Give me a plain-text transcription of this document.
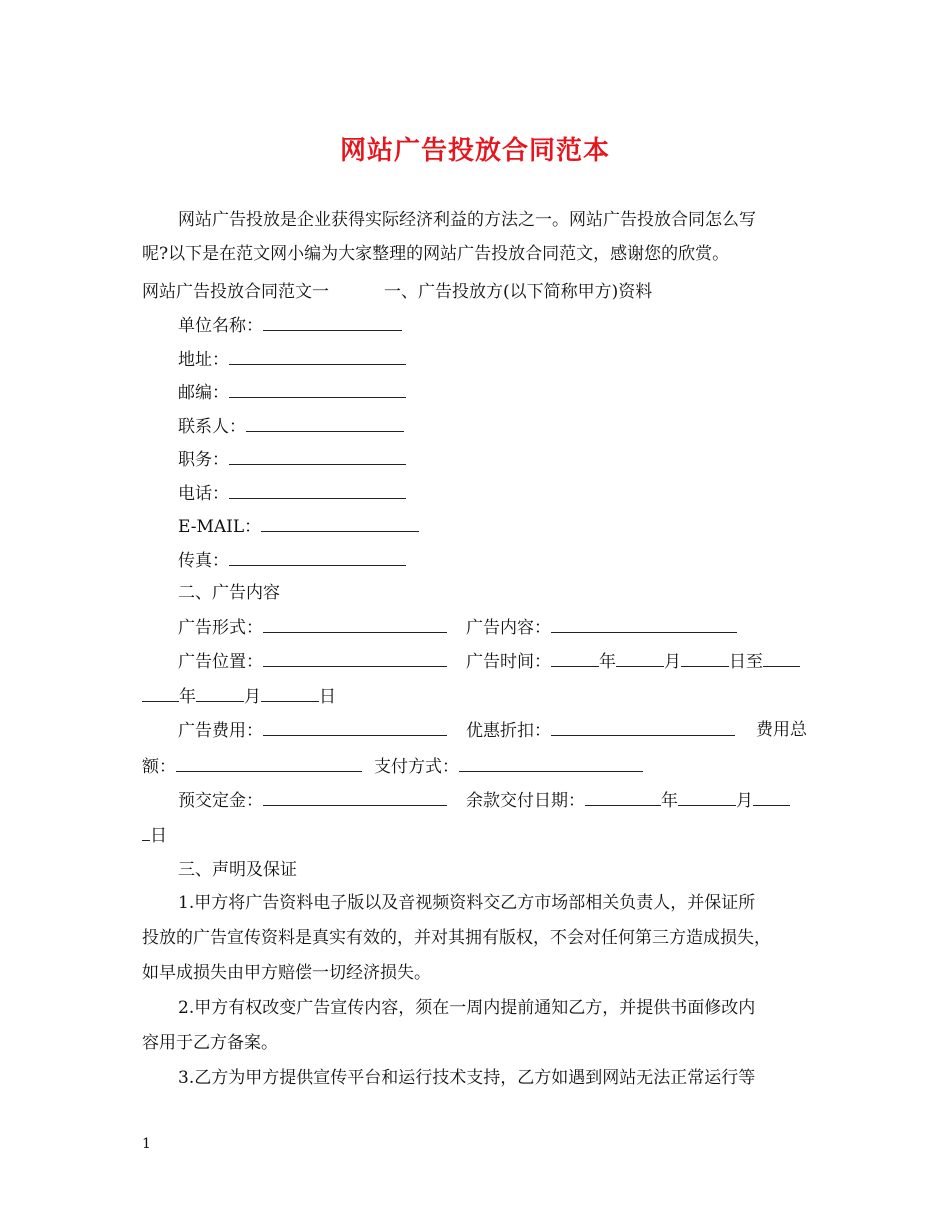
网站广告投放合同范本
网站广告投放是企业获得实际经济利益的方法之一。网站广告投放合同怎么写
呢?以下是在范文网小编为大家整理的网站广告投放合同范文，感谢您的欣赏。
网站广告投放合同范文一	一、广告投放方(以下简称甲方)资料
单位名称：
地址：
邮编：
联系人：
职务：
电话：
E-MAIL：
传真：
二、广告内容
广告形式：	广告内容：
广告位置：	广告时间：	年	月	日至
年	月	日
广告费用：	优惠折扣：	费用总
额：	支付方式：
预交定金：	余款交付日期：	年	月
日
三、声明及保证
1.甲方将广告资料电子版以及音视频资料交乙方市场部相关负责人，并保证所
投放的广告宣传资料是真实有效的，并对其拥有版权，不会对任何第三方造成损失，
如早成损失由甲方赔偿一切经济损失。
2.甲方有权改变广告宣传内容，须在一周内提前通知乙方，并提供书面修改内
容用于乙方备案。
3.乙方为甲方提供宣传平台和运行技术支持，乙方如遇到网站无法正常运行等
1
